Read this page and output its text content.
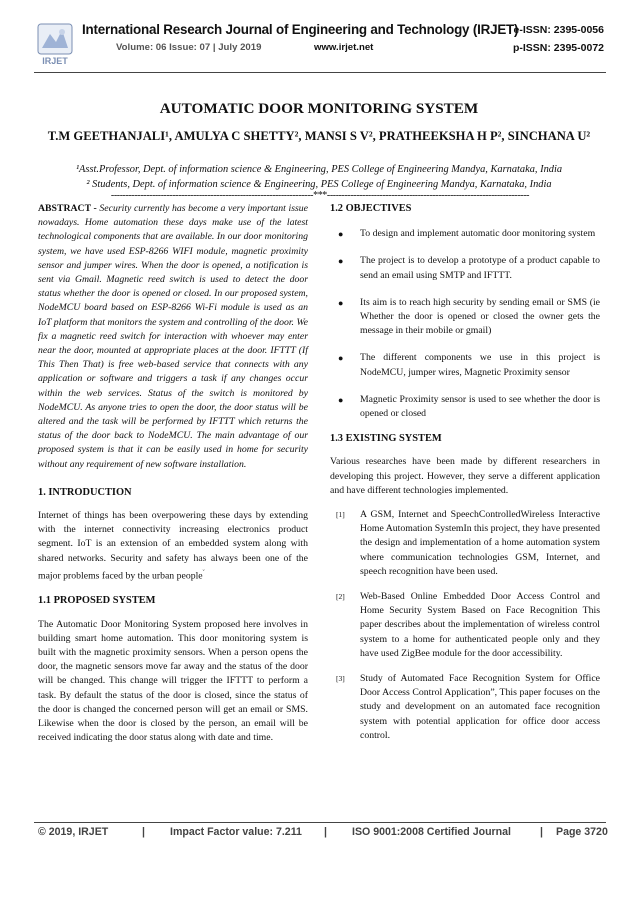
IRJET
International Research Journal of Engineering and Technology (IRJET)
e-ISSN: 2395-0056
Volume: 06 Issue: 07 | July 2019	www.irjet.net	p-ISSN: 2395-0072
AUTOMATIC DOOR MONITORING SYSTEM
T.M GEETHANJALI¹, AMULYA C SHETTY², MANSI S V², PRATHEEKSHA H P², SINCHANA U²
¹Asst.Professor, Dept. of information science & Engineering, PES College of Engineering Mandya, Karnataka, India
² Students, Dept. of information science & Engineering, PES College of Engineering Mandya, Karnataka, India
---------------------------------------------------------------------***---------------------------------------------------------------------

ABSTRACT - Security currently has become a very important issue nowadays. Home automation these days make use of the latest technological components that are available. In our door monitoring system, we have used ESP-8266 WIFI module, magnetic proximity sensor and jumper wires. When the door is opened, a notification is sent via Gmail. Magnetic reed switch is used to detect the door status whether the door is opened or closed. In our proposed system, NodeMCU board based on ESP-8266 Wi-Fi module is used as an IoT platform that monitors the system and controlling of the door. We fix a magnetic reed switch for interaction with whoever may enter near the door, mounted at appropriate places at the door. IFTTT (If This Then That) is free web-based service that connects with any application or software and triggers a task if any changes occur within the web services. Status of the switch is monitored by NodeMCU. As anyone tries to open the door, the door status will be altered and the task will be performed by IFTTT which returns the status of the door back to NodeMCU. The main advantage of our proposed system is that it can be easily used in home for security without any requirement of new software installation.

1. INTRODUCTION

Internet of things has been overpowering these days by extending with the internet connectivity increasing electronics product segment. IoT is an extension of an embedded system along with shared networks. Security and safety has always been one of the major problems faced by the urban people$^ˇ$

1.1 PROPOSED SYSTEM

The Automatic Door Monitoring System proposed here involves in building smart home automation. This door monitoring system is built with the magnetic proximity sensors. When a person opens the door, the magnetic sensors move far away and the status of the door will be changed. This change will trigger the IFTTT to perform a task. By default the status of the door is closed, since the status of the door is changed the concerned person will get an email or SMS. Likewise when the door is closed by the person, an email will be received indicating the door status along with date and time.

1.2 OBJECTIVES
● To design and implement automatic door monitoring system
● The project is to develop a prototype of a product capable to send an email using SMTP and IFTTT.
● Its aim is to reach high security by sending email or SMS (ie Whether the door is opened or closed the owner gets the message in their mobile or gmail)
● The different components we use in this project is NodeMCU, jumper wires, Magnetic Proximity sensor
● Magnetic Proximity sensor is used to see whether the door is opened or closed
1.3 EXISTING SYSTEM

Various researches have been made by different researchers in developing this project. However, they serve a different application and have different technologies implemented.

[1] A GSM, Internet and SpeechControlledWireless Interactive Home Automation SystemIn this project, they have presented the design and implementation of a home automation system where communication technologies GSM, Internet, and speech recognition have been used.
[2] Web-Based Online Embedded Door Access Control and Home Security System Based on Face Recognition This paper describes about the implementation of wireless control system to a home for authenticated people only and they have used ZigBee module for the door accessibility.
[3] Study of Automated Face Recognition System for Office Door Access Control Application”, This paper focuses on the study and development on an automated face recognition system with potential application for office door access control.
© 2019, IRJET	| Impact Factor value: 7.211 | ISO 9001:2008 Certified Journal	| Page 3720
